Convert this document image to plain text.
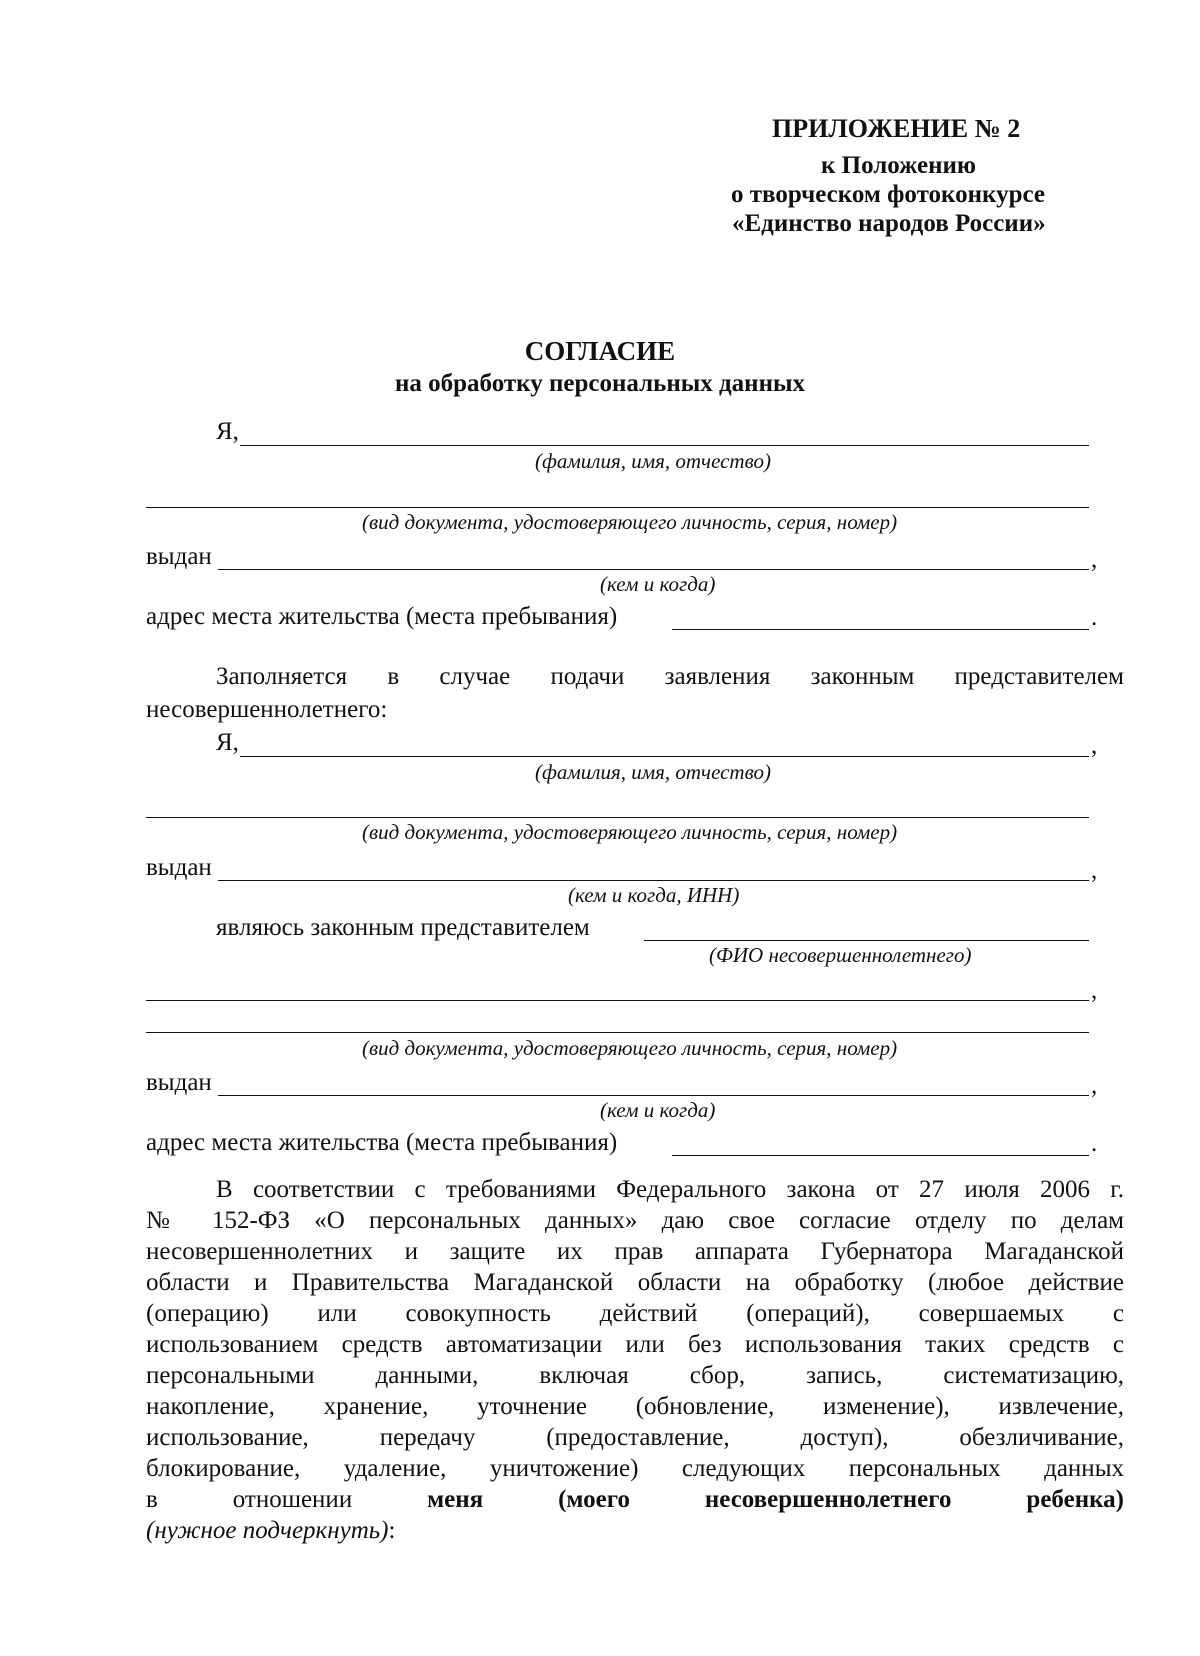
ПРИЛОЖЕНИЕ № 2
к Положению
о творческом фотоконкурсе
«Единство народов России»
СОГЛАСИЕ
на обработку персональных данных
Я,
(фамилия, имя, отчество)
(вид документа, удостоверяющего личность, серия, номер)
выдан	,
(кем и когда)
адрес места жительства (места пребывания)	.
Заполняется в случае подачи заявления законным представителем
несовершеннолетнего:
Я,	,
(фамилия, имя, отчество)
(вид документа, удостоверяющего личность, серия, номер)
выдан	,
(кем и когда, ИНН)
являюсь законным представителем
(ФИО несовершеннолетнего)
,
(вид документа, удостоверяющего личность, серия, номер)
выдан	,
(кем и когда)
адрес места жительства (места пребывания)	.
В соответствии с требованиями Федерального закона от 27 июля 2006 г.
№ 152-ФЗ «О персональных данных» даю свое согласие отделу по делам
несовершеннолетних и защите их прав аппарата Губернатора Магаданской
области и Правительства Магаданской области на обработку (любое действие
(операцию) или совокупность действий (операций), совершаемых с
использованием средств автоматизации или без использования таких средств с
персональными данными, включая сбор, запись, систематизацию,
накопление, хранение, уточнение (обновление, изменение), извлечение,
использование, передачу (предоставление, доступ), обезличивание,
блокирование, удаление, уничтожение) следующих персональных данных
в	отношении	меня	(моего	несовершеннолетнего	ребенка)
(нужное подчеркнуть):
